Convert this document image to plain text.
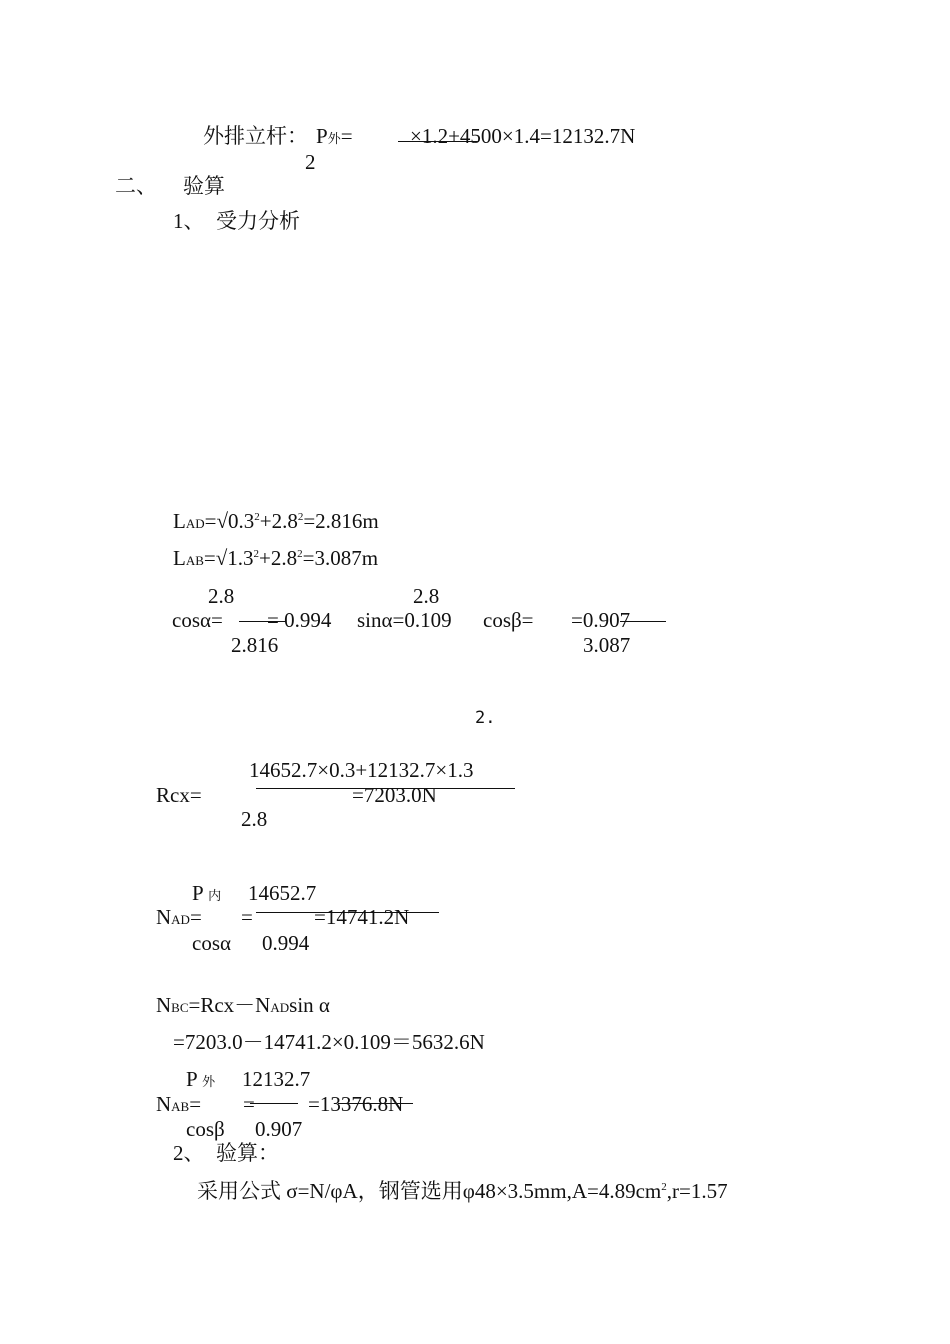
外排立杆： P外=	×1.2+4500×1.4=12132.7N
2
二、 验算
1、 受力分析
$LAD=√0.3^2+2.8^2=2.816m$
$LAB=√1.3^2+2.8^2=3.087m$
2.8
cosα= = 0.994
2.816
sinα=0.109
2.8
cosβ= =0.907
3.087
2.
14652.7×0.3+12132.7×1.3
Rcx=	=7203.0N
2.8
P 内 14652.7
NAD= =	=14741.2N
cosα 0.994
NBC=Rcx－NADsin α
=7203.0－14741.2×0.109＝5632.6N
P 外 12132.7
NAB= =	=13376.8N
cosβ 0.907
2、 验算：
采用公式 σ=N/φA，钢管选用$\varphi 48\times 3.5mm,A=4.89cm^2,r=1.57$
